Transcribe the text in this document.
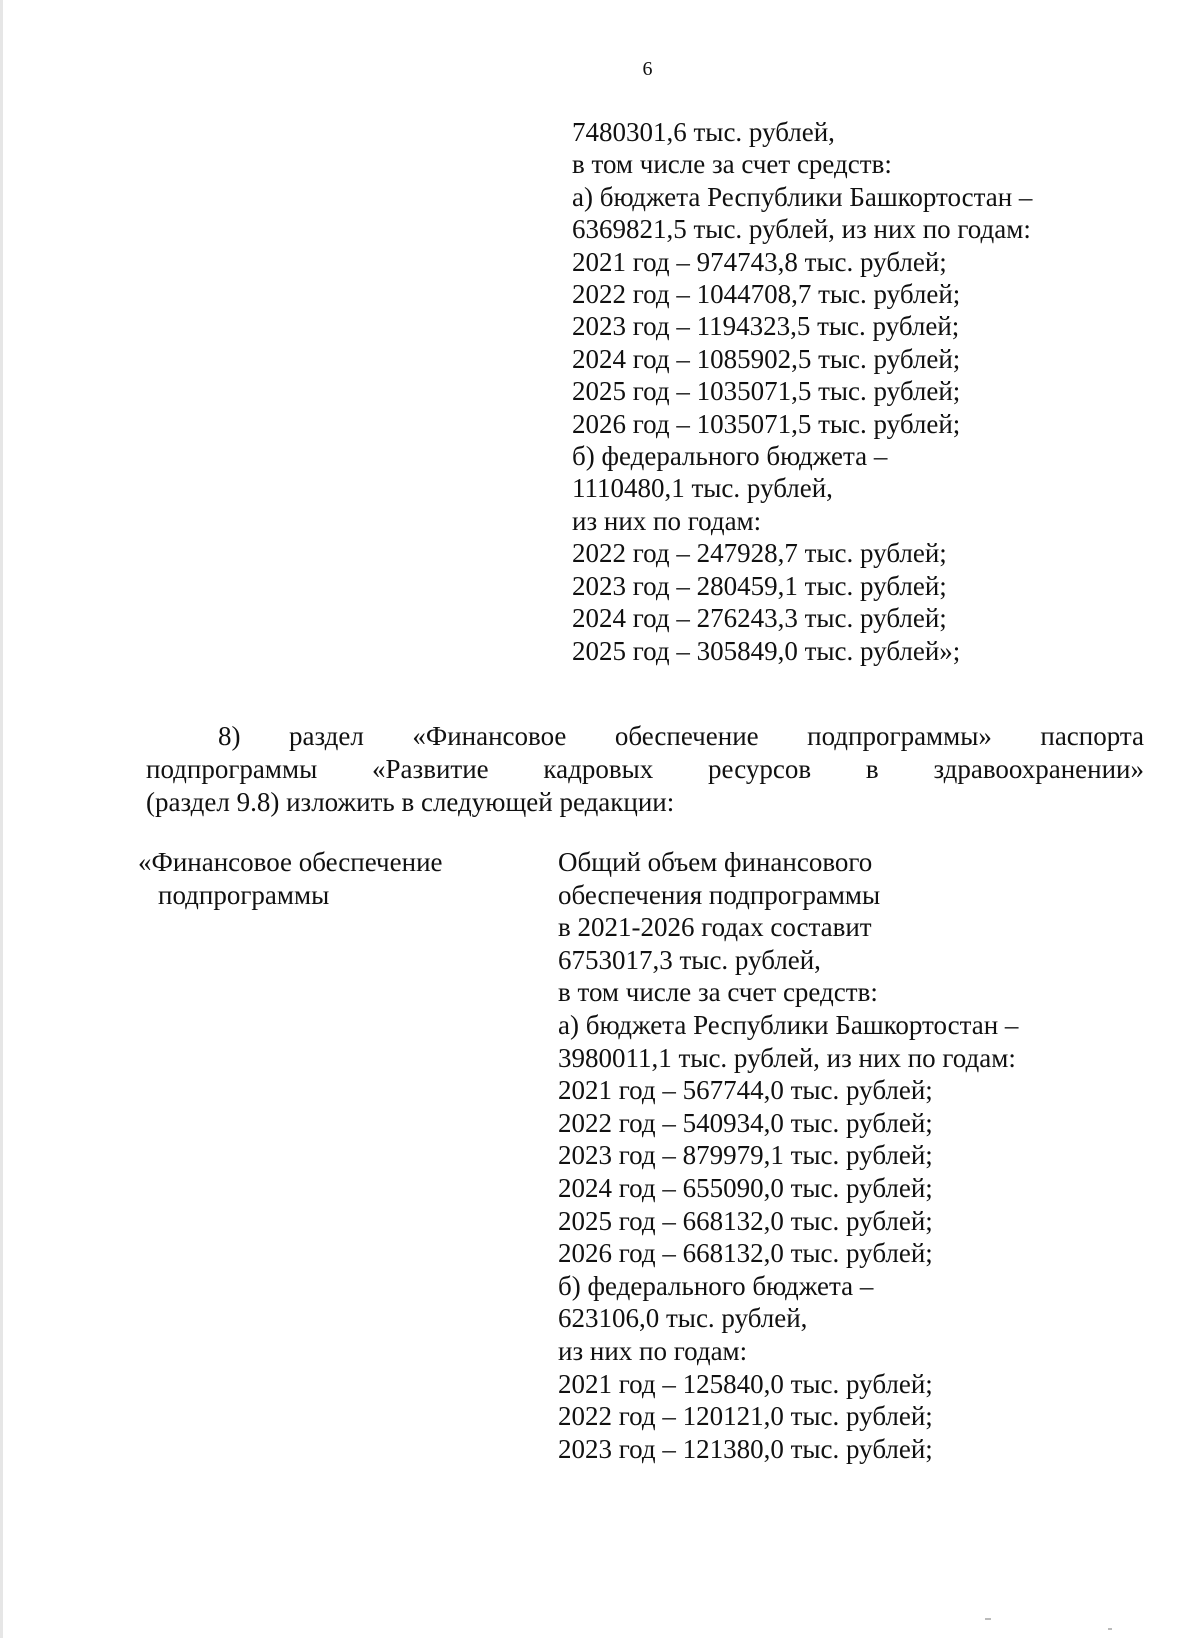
6
7480301,6 тыс. рублей,
в том числе за счет средств:
а) бюджета Республики Башкортостан –
6369821,5 тыс. рублей, из них по годам:
2021 год – 974743,8 тыс. рублей;
2022 год – 1044708,7 тыс. рублей;
2023 год – 1194323,5 тыс. рублей;
2024 год – 1085902,5 тыс. рублей;
2025 год – 1035071,5 тыс. рублей;
2026 год – 1035071,5 тыс. рублей;
б) федерального бюджета –
1110480,1 тыс. рублей,
из них по годам:
2022 год – 247928,7 тыс. рублей;
2023 год – 280459,1 тыс. рублей;
2024 год – 276243,3 тыс. рублей;
2025 год – 305849,0 тыс. рублей»;
8) раздел «Финансовое обеспечение подпрограммы» паспорта
подпрограммы «Развитие кадровых ресурсов в здравоохранении»
(раздел 9.8) изложить в следующей редакции:
«Финансовое обеспечение
подпрограммы
Общий объем финансового
обеспечения подпрограммы
в 2021-2026 годах составит
6753017,3 тыс. рублей,
в том числе за счет средств:
а) бюджета Республики Башкортостан –
3980011,1 тыс. рублей, из них по годам:
2021 год – 567744,0 тыс. рублей;
2022 год – 540934,0 тыс. рублей;
2023 год – 879979,1 тыс. рублей;
2024 год – 655090,0 тыс. рублей;
2025 год – 668132,0 тыс. рублей;
2026 год – 668132,0 тыс. рублей;
б) федерального бюджета –
623106,0 тыс. рублей,
из них по годам:
2021 год – 125840,0 тыс. рублей;
2022 год – 120121,0 тыс. рублей;
2023 год – 121380,0 тыс. рублей;
